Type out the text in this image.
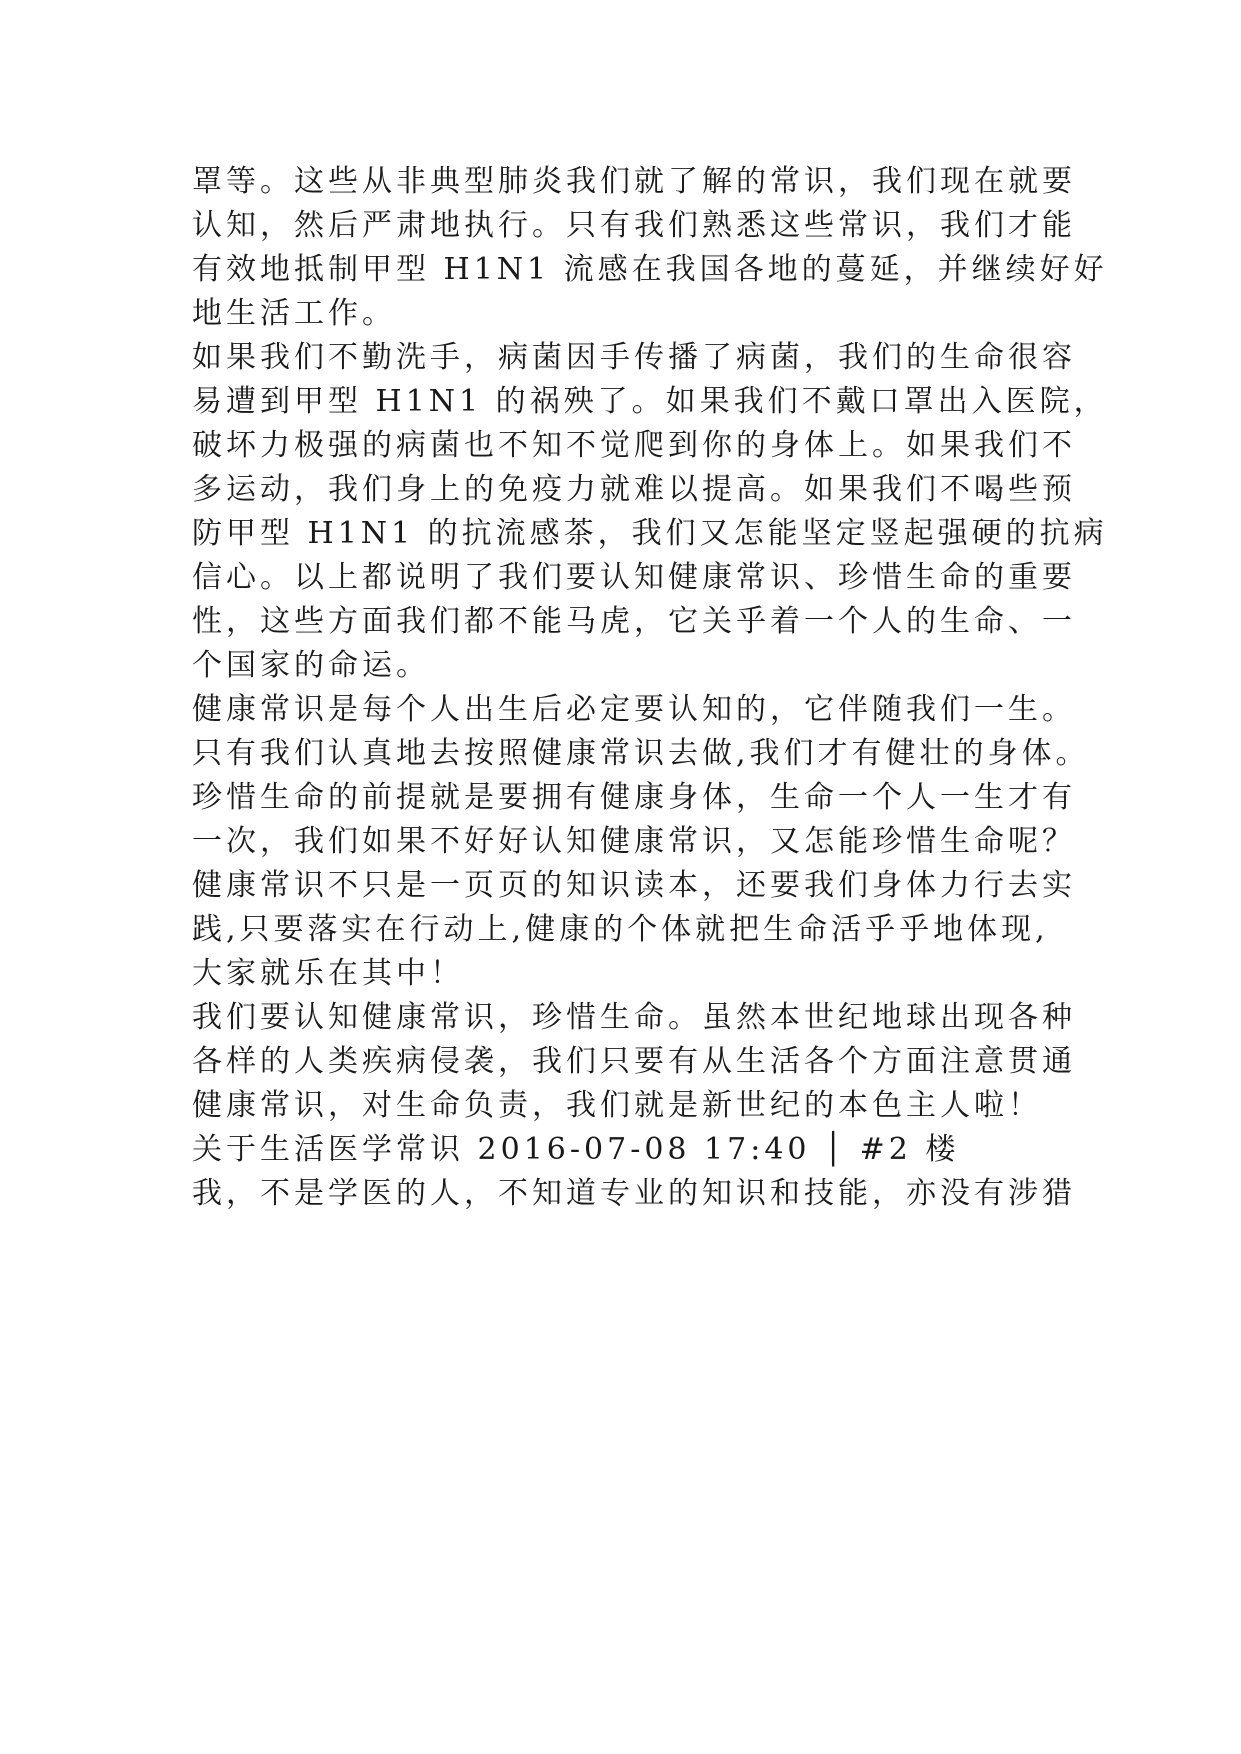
罩等。这些从非典型肺炎我们就了解的常识，我们现在就要
认知，然后严肃地执行。只有我们熟悉这些常识，我们才能
有效地抵制甲型 H1N1 流感在我国各地的蔓延，并继续好好
地生活工作。
如果我们不勤洗手，病菌因手传播了病菌，我们的生命很容
易遭到甲型 H1N1 的祸殃了。如果我们不戴口罩出入医院，
破坏力极强的病菌也不知不觉爬到你的身体上。如果我们不
多运动，我们身上的免疫力就难以提高。如果我们不喝些预
防甲型 H1N1 的抗流感茶，我们又怎能坚定竖起强硬的抗病
信心。以上都说明了我们要认知健康常识、珍惜生命的重要
性，这些方面我们都不能马虎，它关乎着一个人的生命、一
个国家的命运。
健康常识是每个人出生后必定要认知的，它伴随我们一生。
只有我们认真地去按照健康常识去做,我们才有健壮的身体。
珍惜生命的前提就是要拥有健康身体，生命一个人一生才有
一次，我们如果不好好认知健康常识，又怎能珍惜生命呢？
健康常识不只是一页页的知识读本，还要我们身体力行去实
践,只要落实在行动上,健康的个体就把生命活乎乎地体现,
大家就乐在其中！
我们要认知健康常识，珍惜生命。虽然本世纪地球出现各种
各样的人类疾病侵袭，我们只要有从生活各个方面注意贯通
健康常识，对生命负责，我们就是新世纪的本色主人啦！
关于生活医学常识 2016-07-08 17:40 │ #2 楼
我，不是学医的人，不知道专业的知识和技能，亦没有涉猎
